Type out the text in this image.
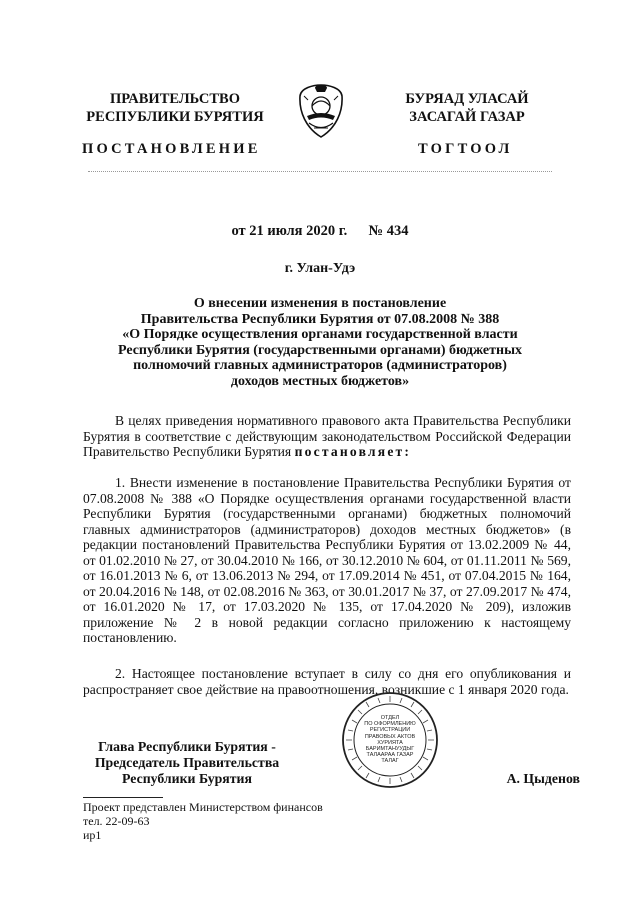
ПРАВИТЕЛЬСТВО
РЕСПУБЛИКИ БУРЯТИЯ
БУРЯАД УЛАСАЙ
ЗАСАГАЙ ГАЗАР
ПОСТАНОВЛЕНИЕ	ТОГТООЛ
от 21 июля 2020 г. № 434
г. Улан-Удэ
О внесении изменения в постановление
Правительства Республики Бурятия от 07.08.2008 № 388
«О Порядке осуществления органами государственной власти
Республики Бурятия (государственными органами) бюджетных
полномочий главных администраторов (администраторов)
доходов местных бюджетов»
В целях приведения нормативного правового акта Правительства Республики Бурятия в соответствие с действующим законодательством Российской Федерации Правительство Республики Бурятия постановляет:
1. Внести изменение в постановление Правительства Республики Бурятия от 07.08.2008 № 388 «О Порядке осуществления органами государственной власти Республики Бурятия (государственными органами) бюджетных полномочий главных администраторов (администраторов) доходов местных бюджетов» (в редакции постановлений Правительства Республики Бурятия от 13.02.2009 № 44, от 01.02.2010 № 27, от 30.04.2010 № 166, от 30.12.2010 № 604, от 01.11.2011 № 569, от 16.01.2013 № 6, от 13.06.2013 № 294, от 17.09.2014 № 451, от 07.04.2015 № 164, от 20.04.2016 № 148, от 02.08.2016 № 363, от 30.01.2017 № 37, от 27.09.2017 № 474, от 16.01.2020 № 17, от 17.03.2020 № 135, от 17.04.2020 № 209), изложив приложение № 2 в новой редакции согласно приложению к настоящему постановлению.
2. Настоящее постановление вступает в силу со дня его опубликования и распространяет свое действие на правоотношения, возникшие с 1 января 2020 года.
Глава Республики Бурятия -
Председатель Правительства
Республики Бурятия
ОТДЕЛ
ПО ОФОРМЛЕНИЮ
РЕГИСТРАЦИИ
ПРАВОВЫХ АКТОВ
ХУРИЯТА
БАРИМТАНУУДЫГ
ТАЛААРАА ГАЗАР
ТАЛАГ
А. Цыденов
Проект представлен Министерством финансов
тел. 22-09-63
ир1
